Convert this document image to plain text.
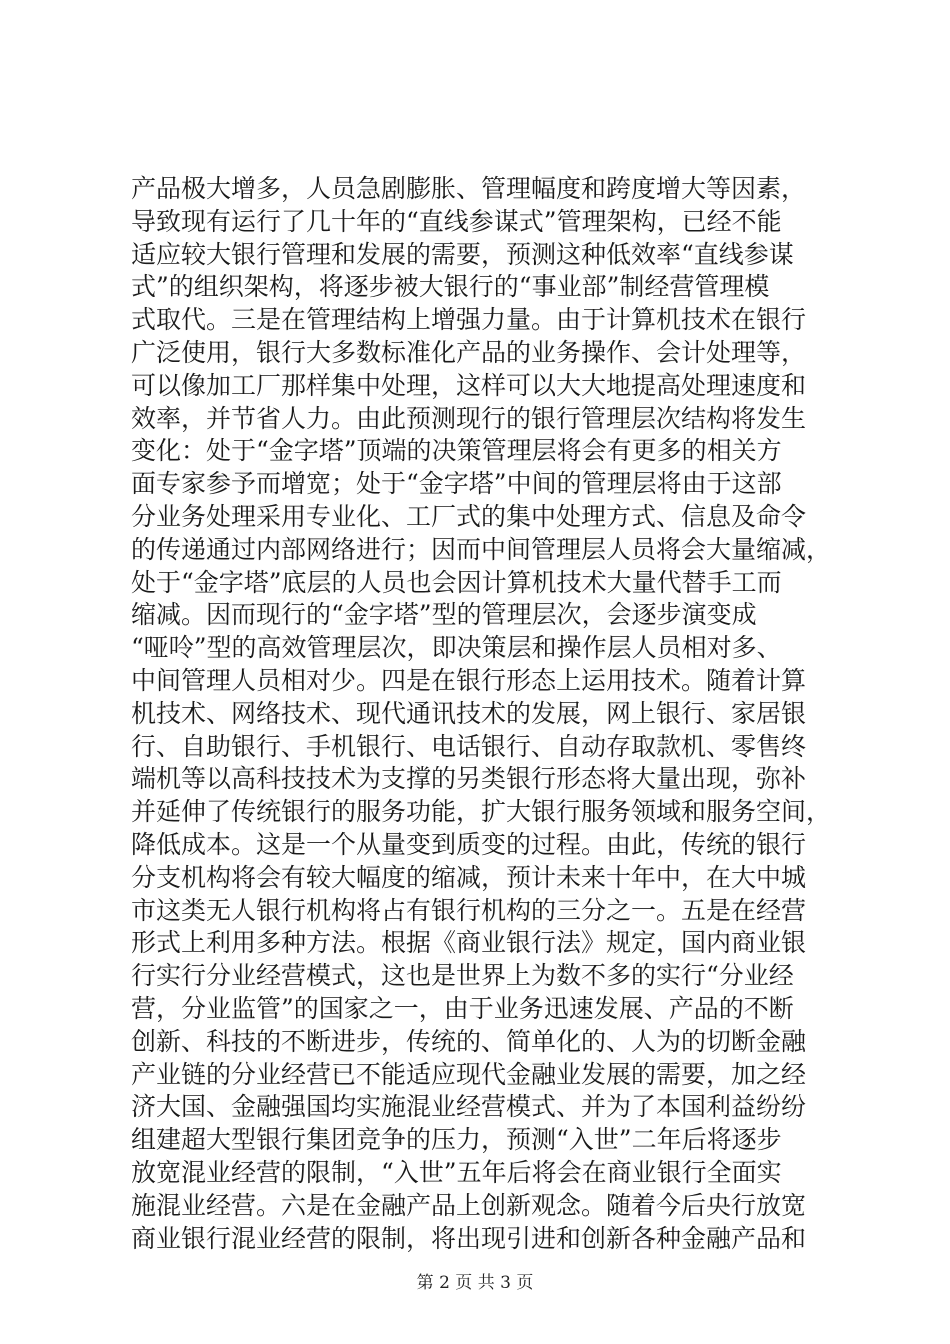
产品极大增多，人员急剧膨胀、管理幅度和跨度增大等因素，
导致现有运行了几十年的“直线参谋式”管理架构，已经不能
适应较大银行管理和发展的需要，预测这种低效率“直线参谋
式”的组织架构，将逐步被大银行的“事业部”制经营管理模
式取代。三是在管理结构上增强力量。由于计算机技术在银行
广泛使用，银行大多数标准化产品的业务操作、会计处理等，
可以像加工厂那样集中处理，这样可以大大地提高处理速度和
效率，并节省人力。由此预测现行的银行管理层次结构将发生
变化：处于“金字塔”顶端的决策管理层将会有更多的相关方
面专家参予而增宽；处于“金字塔”中间的管理层将由于这部
分业务处理采用专业化、工厂式的集中处理方式、信息及命令
的传递通过内部网络进行；因而中间管理层人员将会大量缩减，
处于“金字塔”底层的人员也会因计算机技术大量代替手工而
缩减。因而现行的“金字塔”型的管理层次，会逐步演变成
“哑呤”型的高效管理层次，即决策层和操作层人员相对多、
中间管理人员相对少。四是在银行形态上运用技术。随着计算
机技术、网络技术、现代通讯技术的发展，网上银行、家居银
行、自助银行、手机银行、电话银行、自动存取款机、零售终
端机等以高科技技术为支撑的另类银行形态将大量出现，弥补
并延伸了传统银行的服务功能，扩大银行服务领域和服务空间，
降低成本。这是一个从量变到质变的过程。由此，传统的银行
分支机构将会有较大幅度的缩减，预计未来十年中，在大中城
市这类无人银行机构将占有银行机构的三分之一。五是在经营
形式上利用多种方法。根据《商业银行法》规定，国内商业银
行实行分业经营模式，这也是世界上为数不多的实行“分业经
营，分业监管”的国家之一，由于业务迅速发展、产品的不断
创新、科技的不断进步，传统的、简单化的、人为的切断金融
产业链的分业经营已不能适应现代金融业发展的需要，加之经
济大国、金融强国均实施混业经营模式、并为了本国利益纷纷
组建超大型银行集团竞争的压力，预测“入世”二年后将逐步
放宽混业经营的限制，“入世”五年后将会在商业银行全面实
施混业经营。六是在金融产品上创新观念。随着今后央行放宽
商业银行混业经营的限制，将出现引进和创新各种金融产品和

第 2 页 共 3 页
